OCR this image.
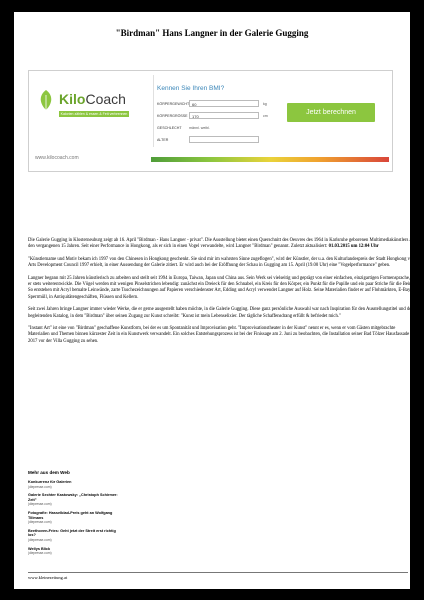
"Birdman" Hans Langner in der Galerie Gugging
KiloCoach
Kalorien zählen & essen & Fett verbrennen
Kennen Sie Ihren BMI?
KÖRPERGEWICHT 60	kg
KÖRPERGRÖSSE	170	cm
GESCHLECHT männl. weibl.
ALTER
Jetzt berechnen
www.kilocoach.com

Die Galerie Gugging in Klosterneuburg zeigt ab 16. April "Birdman - Hans Langner - privat". Die Ausstellung bietet einen Querschnitt des Oeuvres des 1964 in Karlsruhe geborenen Multimediakünstlers aus den vergangenen 15 Jahren. Seit einer Performance in Hongkong, als er sich in einen Vogel verwandelte, wird Langner "Birdman" genannt. Zuletzt aktualisiert: 01.03.2015 um 12:04 Uhr

"Künstlername und Motiv bekam ich 1997 von den Chinesen in Hongkong geschenkt. Sie sind mir im wahrsten Sinne zugeflogen", wird der Künstler, der u.a. den Kulturlandespreis der Stadt Hongkong vom Arts Development Council 1997 erhielt, in einer Aussendung der Galerie zitiert. Er wird auch bei der Eröffnung der Schau in Gugging am 15. April (19.00 Uhr) eine "Vogelperformance" geben.

Langner begann mit 25 Jahren künstlerisch zu arbeiten und stellt seit 1994 in Europa, Taiwan, Japan und China aus. Sein Werk sei vielseitig und geprägt von einer einfachen, einzigartigen Formensprache, die er stets weiterentwickle. Die Vögel werden mit wenigen Pinselstrichen lebendig: zunächst ein Dreieck für den Schnabel, ein Kreis für den Körper, ein Punkt für die Pupille und ein paar Striche für die Beine. So entstehen mit Acryl bemalte Leinwände, zarte Tuschezeichnungen auf Papieren verschiedenster Art, Edding und Acryl verwendet Langner auf Holz. Seine Materialien findet er auf Flohmärkten, E-Bay, im Sperrmüll, in Antiquitätengeschäften, Flüssen und Kellern.

Seit zwei Jahren bringe Langner immer wieder Werke, die er gerne ausgestellt haben möchte, in die Galerie Gugging. Diese ganz persönliche Auswahl war nach Inspiration für den Ausstellungstitel und den begleitenden Katalog, in dem "Birdman" über seinen Zugang zur Kunst schreibt: "Kunst ist mein Lebenselixier. Der tägliche Schaffensdrang erfüllt & befriedet mich."

"Instant Art" ist eine von "Birdman" geschaffene Kunstform, bei der es um Spontanität und Improvisation geht. "Improvisationstheater in der Kunst" nennt er es, wenn er vom Gästen mitgebrachte Materialien und Themen binnen kürzester Zeit in ein Kunstwerk verwandelt. Ein solches Entstehungsprozess ist bei der Finissage am 2. Juni zu beobachten, die Installation seiner Bad Tölzer Hausfassade bis 2017 vor der Villa Gugging zu sehen.

Mehr aus dem Web
Konkurrenz für Galerien
(diepresse.com)
Galerie Sechter Kastowsky: „Christoph Schirmer: Zeit"
(diepresse.com)
Fotografie: Hasselblad-Preis geht an Wolfgang Tillmans
(diepresse.com)
Beethoven-Fries: Geht jetzt der Streit erst richtig los?
(diepresse.com)
Wellys Blick
(diepresse.com)
www.kleinezeitung.at
